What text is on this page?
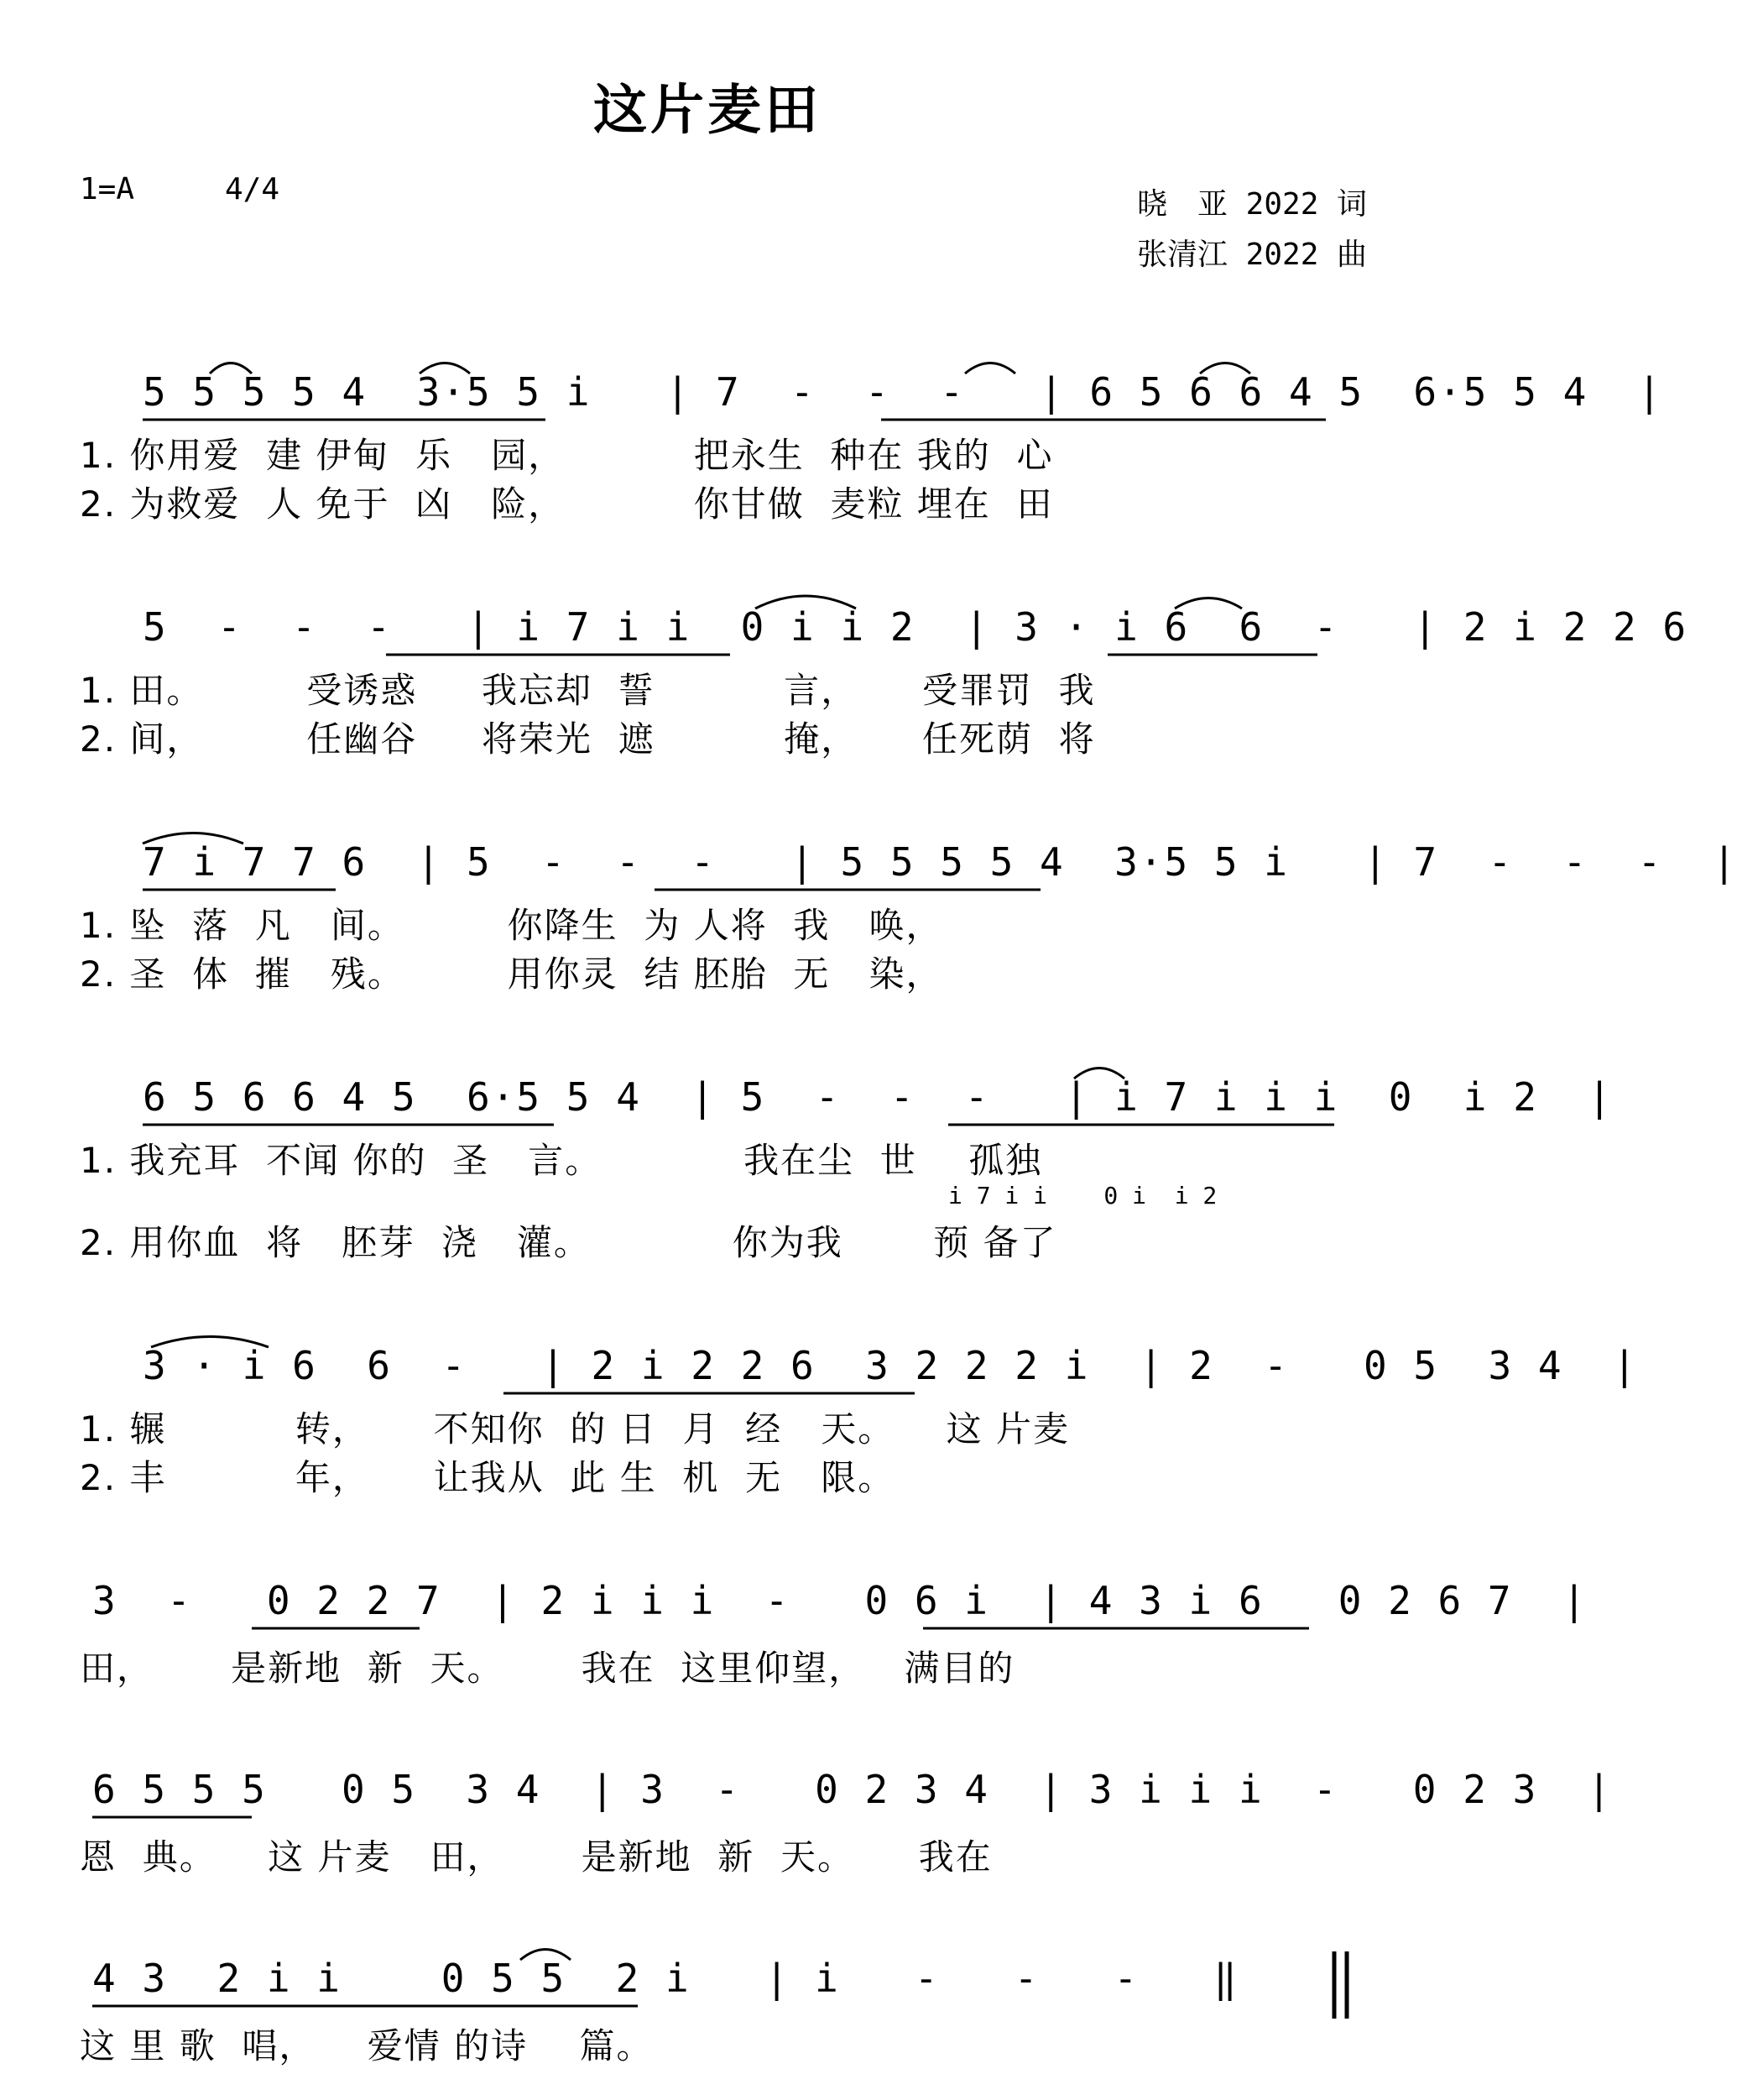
这片麦田
1=A	4/4	晓　亚 2022 词
张清江 2022 曲
5 5 5 5 4  3·5 5 i   | 7  -  -  -   | 6 5 6 6 4 5  6·5 5 4  |
1. 你用爱  建 伊甸  乐   园，          把永生  种在 我的  心
2. 为救爱  人 免于  凶   险，          你甘做  麦粒 埋在  田
5  -  -  -   | i 7 i i  0 i i 2  | 3 · i 6  6  -   | 2 i 2 2 6
1. 田。        受诱惑     我忘却  誓          言，     受罪罚  我
2. 间，        任幽谷     将荣光  遮          掩，     任死荫  将
7 i 7 7 6  | 5  -  -  -   | 5 5 5 5 4  3·5 5 i   | 7  -  -  -  |
1. 坠  落  凡   间。        你降生  为 人将  我   唤，
2. 圣  体  摧   残。        用你灵  结 胚胎  无   染，
6 5 6 6 4 5  6·5 5 4  | 5  -  -  -   | i 7 i i i  0  i 2  |
1. 我充耳  不闻 你的  圣   言。           我在尘  世    孤独
i 7 i i    0 i  i 2
2. 用你血  将   胚芽  浇   灌。           你为我       预 备了
3 · i 6  6  -   | 2 i 2 2 6  3 2 2 2 i  | 2  -   0 5  3 4  |
1. 辗          转，     不知你  的 日  月  经   天。    这 片麦
2. 丰          年，     让我从  此 生  机  无   限。
3  -   0 2 2 7  | 2 i i i  -   0 6 i  | 4 3 i 6   0 2 6 7  |
田，      是新地  新  天。      我在  这里仰望，   满目的
6 5 5 5   0 5  3 4  | 3  -   0 2 3 4  | 3 i i i  -   0 2 3  |
恩  典。    这 片麦   田，      是新地  新  天。     我在
4 3  2 i i    0 5 5  2 i   | i   -   -   -   ‖
这 里 歌  唱，    爱情 的诗    篇。
